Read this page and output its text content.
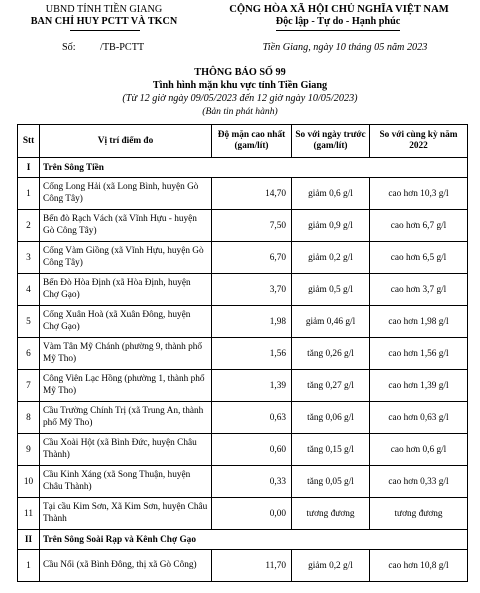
UBND TỈNH TIỀN GIANG
BAN CHỈ HUY PCTT VÀ TKCN
Số:	/TB-PCTT
CỘNG HÒA XÃ HỘI CHỦ NGHĨA VIỆT NAM
Độc lập - Tự do - Hạnh phúc
Tiền Giang, ngày 10 tháng 05 năm 2023
THÔNG BÁO SỐ 99
Tình hình mặn khu vực tỉnh Tiền Giang
(Từ 12 giờ ngày 09/05/2023 đến 12 giờ ngày 10/05/2023)
(Bản tin phát hành)
Stt	Vị trí điểm đo	Độ mặn cao nhất (gam/lít)	So với ngày trước (gam/lít)	So với cùng kỳ năm 2022
I	Trên Sông Tiền			
1	Cống Long Hải (xã Long Bình, huyện Gò Công Tây)	14,70	giảm 0,6 g/l	cao hơn 10,3 g/l
2	Bến đò Rạch Vách (xã Vĩnh Hựu - huyện Gò Công Tây)	7,50	giảm 0,9 g/l	cao hơn 6,7 g/l
3	Cống Vàm Giồng (xã Vĩnh Hựu, huyện Gò Công Tây)	6,70	giảm 0,2 g/l	cao hơn 6,5 g/l
4	Bến Đò Hòa Định (xã Hòa Định, huyện Chợ Gạo)	3,70	giảm 0,5 g/l	cao hơn 3,7 g/l
5	Cống Xuân Hoà (xã Xuân Đông, huyện Chợ Gạo)	1,98	giảm 0,46 g/l	cao hơn 1,98 g/l
6	Vàm Tân Mỹ Chánh (phường 9, thành phố Mỹ Tho)	1,56	tăng 0,26 g/l	cao hơn 1,56 g/l
7	Công Viên Lạc Hồng (phường 1, thành phố Mỹ Tho)	1,39	tăng 0,27 g/l	cao hơn 1,39 g/l
8	Cầu Trường Chính Trị (xã Trung An, thành phố Mỹ Tho)	0,63	tăng 0,06 g/l	cao hơn 0,63 g/l
9	Cầu Xoài Hột (xã Bình Đức, huyện Châu Thành)	0,60	tăng 0,15 g/l	cao hơn 0,6 g/l
10	Cầu Kinh Xáng (xã Song Thuận, huyện Châu Thành)	0,33	tăng 0,05 g/l	cao hơn 0,33 g/l
11	Tại cầu Kim Sơn, Xã Kim Sơn, huyện Châu Thành	0,00	tương đương	tương đương
II	Trên Sông Soài Rạp và Kênh Chợ Gạo			
1	Cầu Nổi (xã Bình Đông, thị xã Gò Công)	11,70	giảm 0,2 g/l	cao hơn 10,8 g/l
